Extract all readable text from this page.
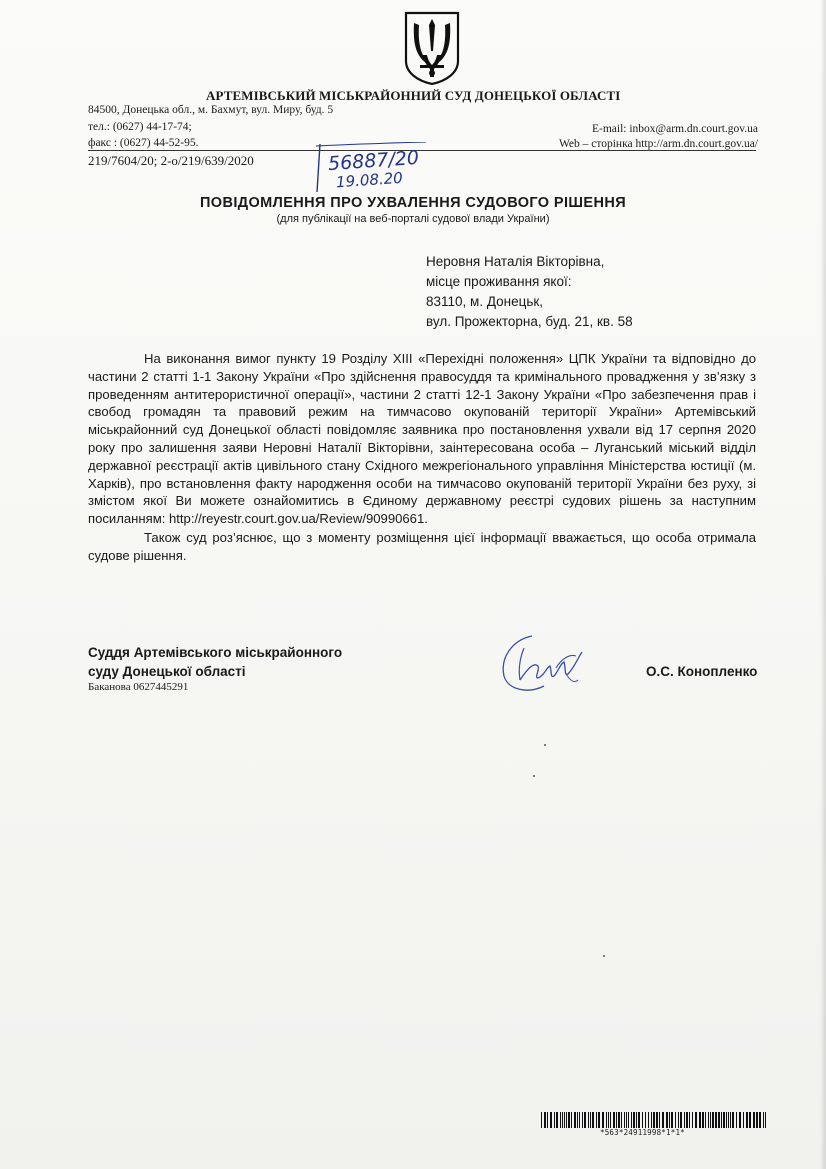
АРТЕМІВСЬКИЙ МІСЬКРАЙОННИЙ СУД ДОНЕЦЬКОЇ ОБЛАСТІ
84500, Донецька обл., м. Бахмут, вул. Миру, буд. 5
тел.: (0627) 44-17-74;
факс : (0627) 44-52-95.
E-mail: inbox@arm.dn.court.gov.ua
Web – сторінка http://arm.dn.court.gov.ua/
219/7604/20; 2-о/219/639/2020	56887/20
19.08.20
ПОВІДОМЛЕННЯ ПРО УХВАЛЕННЯ СУДОВОГО РІШЕННЯ
(для публікації на веб-порталі судової влади України)
Неровня Наталія Вікторівна,
місце проживання якої:
83110, м. Донецьк,
вул. Прожекторна, буд. 21, кв. 58

На виконання вимог пункту 19 Розділу ХІІІ «Перехідні положення» ЦПК України та відповідно до частини 2 статті 1-1 Закону України «Про здійснення правосуддя та кримінального провадження у зв’язку з проведенням антитерористичної операції», частини 2 статті 12-1 Закону України «Про забезпечення прав і свобод громадян та правовий режим на тимчасово окупованій території України» Артемівський міськрайонний суд Донецької області повідомляє заявника про постановлення ухвали від 17 серпня 2020 року про залишення заяви Неровні Наталії Вікторівни, заінтересована особа – Луганський міський відділ державної реєстрації актів цивільного стану Східного межрегіонального управління Міністерства юстиції (м. Харків), про встановлення факту народження особи на тимчасово окупованій території України без руху, зі змістом якої Ви можете ознайомитись в Єдиному державному реєстрі судових рішень за наступним посиланням: http://reyestr.court.gov.ua/Review/90990661.

Також суд роз’яснює, що з моменту розміщення цієї інформації вважається, що особа отримала судове рішення.

Суддя Артемівського міськрайонного
суду Донецької області
Баканова 0627445291
О.С. Конопленко
*563*24911998*1*1*
